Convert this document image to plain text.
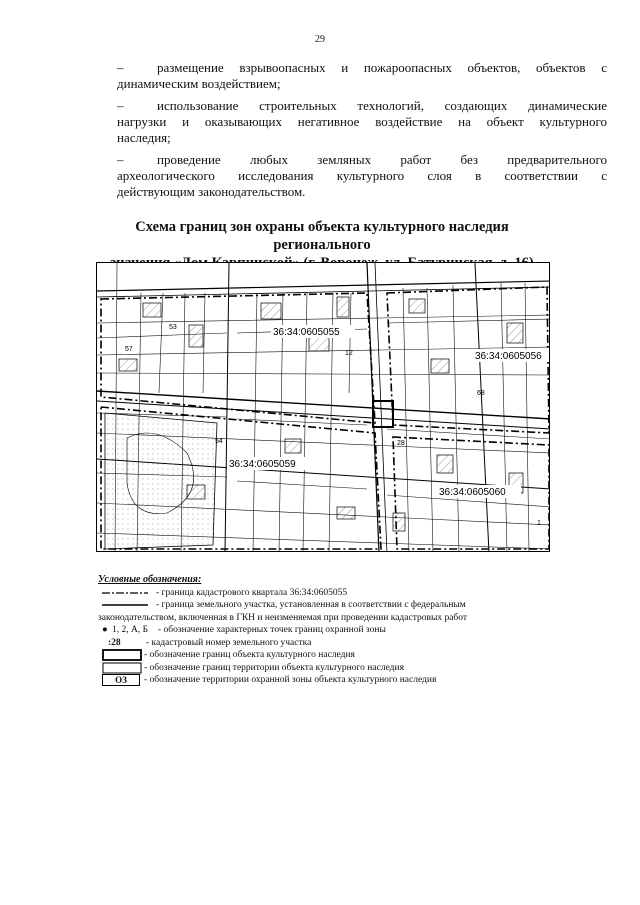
29
–	размещение взрывоопасных и пожароопасных объектов, объектов с
динамическим воздействием;
–	использование строительных технологий, создающих динамические
нагрузки и оказывающих негативное воздействие на объект культурного
наследия;
–	проведение любых земляных работ без предварительного
археологического исследования культурного слоя в соответствии с
действующим законодательством.
Схема границ зон охраны объекта культурного наследия регионального
36:34:0605055
36:34:0605056
36:34:0605059
36:34:0605060
57
53
12
54	28
68
1
Условные обозначения:
- граница кадастрового квартала 36:34:0605055
- граница земельного участка, установленная в соответствии с федеральным
законодательством, включенная в ГКН и неизменяемая при проведении кадастровых работ
● 1, 2, А, Б - обозначение характерных точек границ охранной зоны
:28	- кадастровый номер земельного участка
- обозначение границ объекта культурного наследия
- обозначение границ территории объекта культурного наследия
ОЗ	- обозначение территории охранной зоны объекта культурного наследия
